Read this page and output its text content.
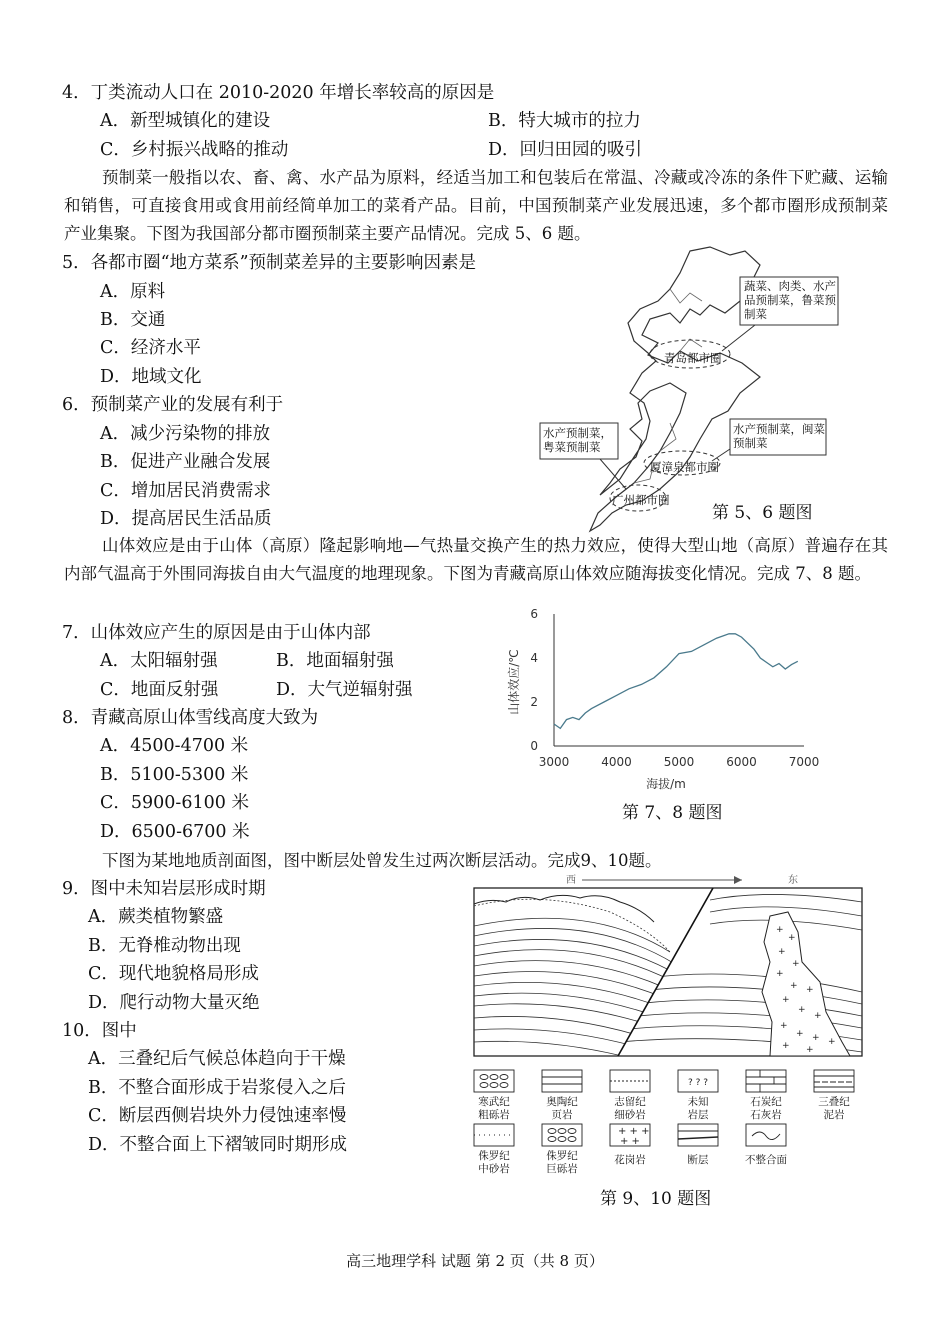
4．丁类流动人口在 2010-2020 年增长率较高的原因是
A．新型城镇化的建设	B．特大城市的拉力
C．乡村振兴战略的推动	D．回归田园的吸引
预制菜一般指以农、畜、禽、水产品为原料，经适当加工和包装后在常温、冷藏或冷冻的条件下贮藏、运输和销售，可直接食用或食用前经简单加工的菜肴产品。目前，中国预制菜产业发展迅速，多个都市圈形成预制菜产业集聚。下图为我国部分都市圈预制菜主要产品情况。完成 5、6 题。
5．各都市圈“地方菜系”预制菜差异的主要影响因素是
A．原料
B．交通
C．经济水平
D．地域文化
6．预制菜产业的发展有利于
A．减少污染物的排放
B．促进产业融合发展
C．增加居民消费需求
D．提高居民生活品质
蔬菜、肉类、水产品预制菜，鲁菜预制菜
青岛都市圈
水产预制菜，粤菜预制菜
水产预制菜，闽菜预制菜
厦漳泉都市圈
广州都市圈
第 5、6 题图
山体效应是由于山体（高原）隆起影响地—气热量交换产生的热力效应，使得大型山地（高原）普遍存在其内部气温高于外围同海拔自由大气温度的地理现象。下图为青藏高原山体效应随海拔变化情况。完成 7、8 题。
7．山体效应产生的原因是由于山体内部
A．太阳辐射强	B．地面辐射强
C．地面反射强	D．大气逆辐射强
8．青藏高原山体雪线高度大致为
A．4500-4700 米
B．5100-5300 米
C．5900-6100 米
D．6500-6700 米
3000	4000	5000	6000	7000
0
2
4
6
海拔/m
山体效应/℃
第 7、8 题图
下图为某地地质剖面图，图中断层处曾发生过两次断层活动。完成9、10题。
9．图中未知岩层形成时期
A．蕨类植物繁盛
B．无脊椎动物出现
C．现代地貌格局形成
D．爬行动物大量灭绝
10．图中
A．三叠纪后气候总体趋向于干燥
B．不整合面形成于岩浆侵入之后
C．断层西侧岩块外力侵蚀速率慢
D．不整合面上下褶皱同时期形成
西	东
+
+
+
+
+
+ +
+
+
+
+
+ + +
+ +
? ? ?
+ + +
+ +
寒武纪
粗砾岩
奥陶纪
页岩
志留纪
细砂岩
未知
岩层
石炭纪
石灰岩
三叠纪
泥岩
侏罗纪
中砂岩
侏罗纪
巨砾岩
花岗岩	断层	不整合面
第 9、10 题图
高三地理学科 试题 第 2 页（共 8 页）
